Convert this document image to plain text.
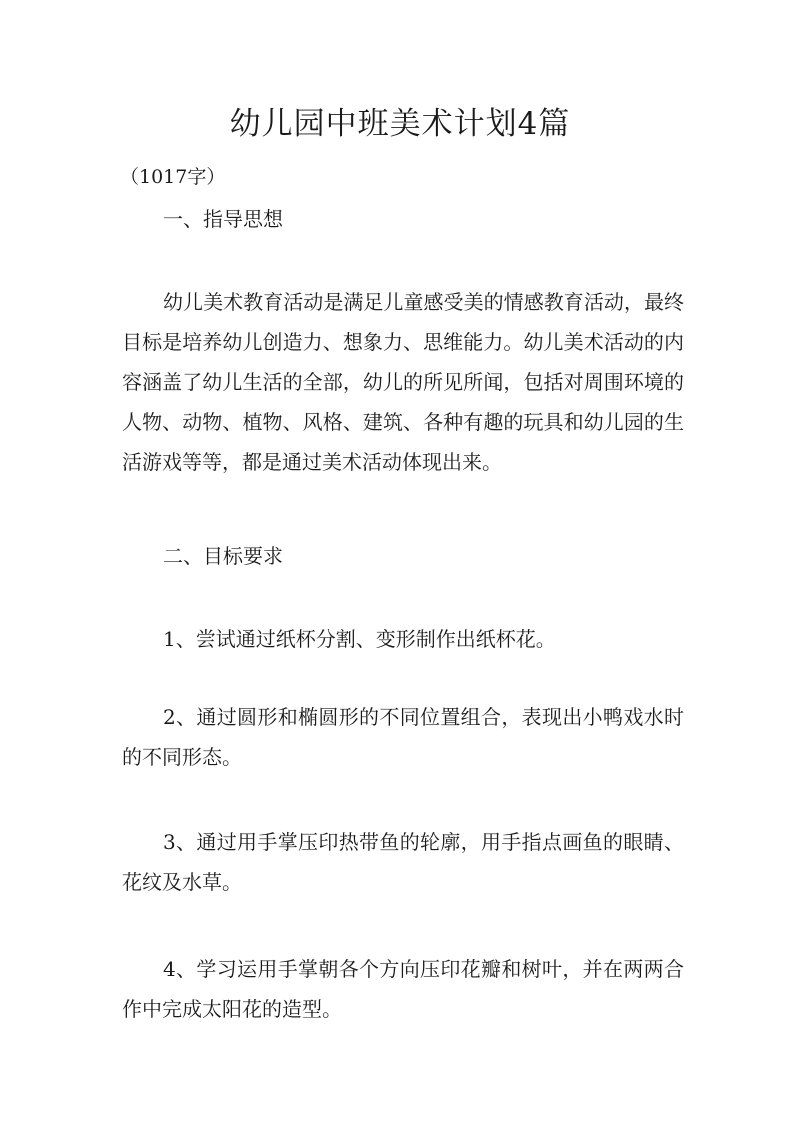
幼儿园中班美术计划4篇
（1017字）
一、指导思想

幼儿美术教育活动是满足儿童感受美的情感教育活动，最终目标是培养幼儿创造力、想象力、思维能力。幼儿美术活动的内容涵盖了幼儿生活的全部，幼儿的所见所闻，包括对周围环境的人物、动物、植物、风格、建筑、各种有趣的玩具和幼儿园的生活游戏等等，都是通过美术活动体现出来。

二、目标要求

1、尝试通过纸杯分割、变形制作出纸杯花。

2、通过圆形和椭圆形的不同位置组合，表现出小鸭戏水时的不同形态。

3、通过用手掌压印热带鱼的轮廓，用手指点画鱼的眼睛、花纹及水草。

4、学习运用手掌朝各个方向压印花瓣和树叶，并在两两合作中完成太阳花的造型。
